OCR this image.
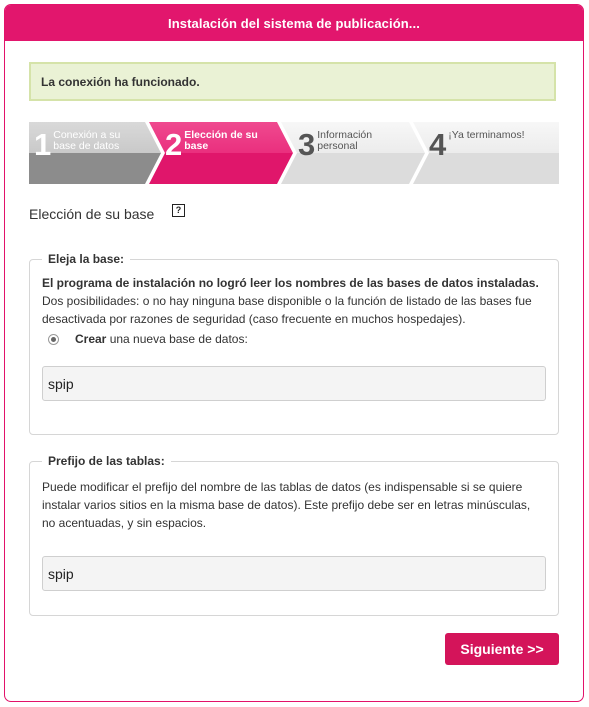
Instalación del sistema de publicación...
La conexión ha funcionado.
1 Conexión a su base de datos	2 Elección de su base	3 Información personal	4 ¡Ya terminamos!
Elección de su base	?
Eleja la base:
El programa de instalación no logró leer los nombres de las bases de datos instaladas.
Dos posibilidades: o no hay ninguna base disponible o la función de listado de las bases fue desactivada por razones de seguridad (caso frecuente en muchos hospedajes).
Crear una nueva base de datos:
spip
Prefijo de las tablas:
Puede modificar el prefijo del nombre de las tablas de datos (es indispensable si se quiere instalar varios sitios en la misma base de datos). Este prefijo debe ser en letras minúsculas, no acentuadas, y sin espacios.
spip
Siguiente >>
